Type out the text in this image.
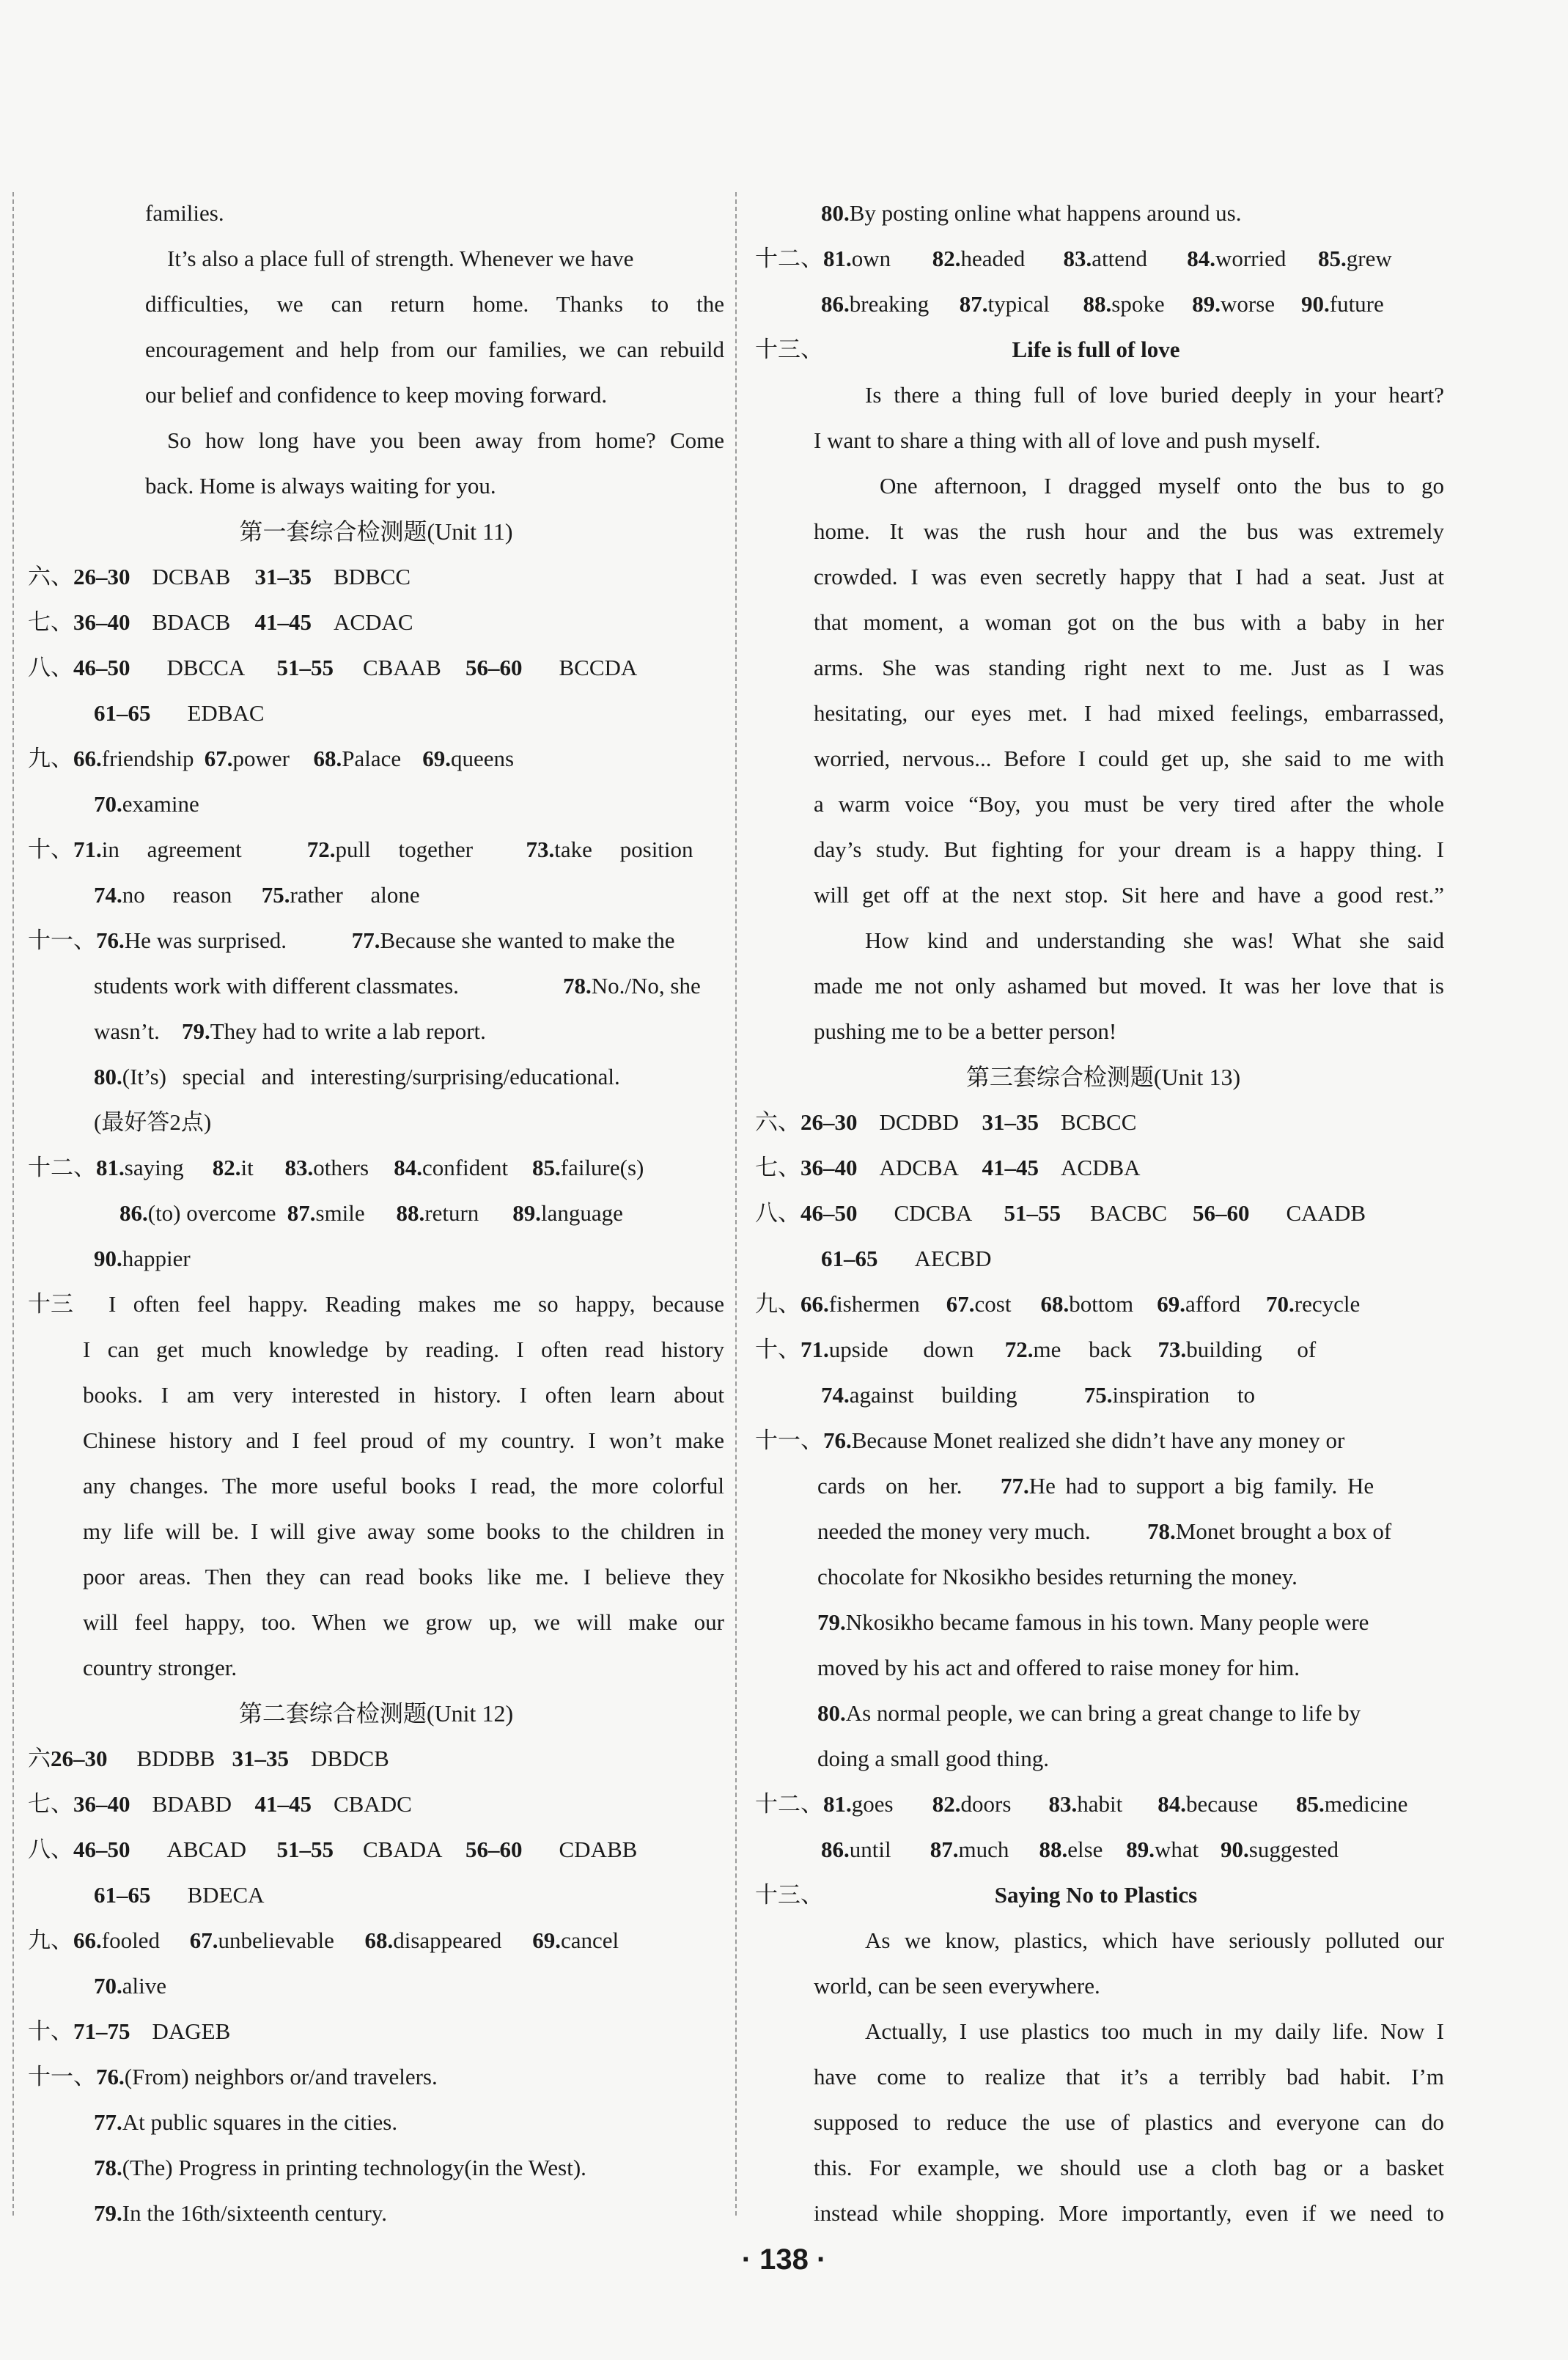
families.
It’s also a place full of strength. Whenever we have
difficulties, we can return home. Thanks to the
encouragement and help from our families, we can rebuild
our belief and confidence to keep moving forward.
So how long have you been away from home? Come
back. Home is always waiting for you.
第一套综合检测题(Unit 11)
六、 26–30 DCBAB	31–35 BDBCC
七、 36–40 BDACB	41–45 ACDAC
八、 46–50 DBCCA	51–55 CBAAB	56–60 BCCDA
61–65 EDBAC
九、 66. friendship 67. power	68. Palace 69. queens
70. examine
十、 71. in agreement	72. pull together	73. take position
74. no reason	75. rather alone
十一、 76. He was surprised.	77. Because she wanted to make the
students work with different classmates.	78. No./No, she
wasn’t. 79. They had to write a lab report.
80. (It’s) special and interesting/surprising/educational.
(最好答2点)
十二、 81. saying	82. it	83. others	84. confident	85. failure(s)
86. (to) overcome 87. smile	88. return	89. language
90. happier
十三	I often feel happy. Reading makes me so happy, because
I can get much knowledge by reading. I often read history
books. I am very interested in history. I often learn about
Chinese history and I feel proud of my country. I won’t make
any changes. The more useful books I read, the more colorful
my life will be. I will give away some books to the children in
poor areas. Then they can read books like me. I believe they
will feel happy, too. When we grow up, we will make our
country stronger.
第二套综合检测题(Unit 12)
六 26–30 BDDBB 31–35 DBDCB
七、 36–40 BDABD	41–45 CBADC
八、 46–50 ABCAD	51–55 CBADA	56–60 CDABB
61–65 BDECA
九、 66. fooled	67. unbelievable	68. disappeared	69. cancel
70. alive
十、 71–75 DAGEB
十一、 76. (From) neighbors or/and travelers.
77. At public squares in the cities.
78. (The) Progress in printing technology(in the West).
79. In the 16th/sixteenth century.
80. By posting online what happens around us.
十二、 81. own	82. headed	83. attend	84. worried	85. grew
86. breaking	87. typical	88. spoke	89. worse	90. future
十三、	Life is full of love
Is there a thing full of love buried deeply in your heart?
I want to share a thing with all of love and push myself.
One afternoon, I dragged myself onto the bus to go
home. It was the rush hour and the bus was extremely
crowded. I was even secretly happy that I had a seat. Just at
that moment, a woman got on the bus with a baby in her
arms. She was standing right next to me. Just as I was
hesitating, our eyes met. I had mixed feelings, embarrassed,
worried, nervous... Before I could get up, she said to me with
a warm voice “Boy, you must be very tired after the whole
day’s study. But fighting for your dream is a happy thing. I
will get off at the next stop. Sit here and have a good rest.”
How kind and understanding she was! What she said
made me not only ashamed but moved. It was her love that is
pushing me to be a better person!
第三套综合检测题(Unit 13)
六、 26–30 DCDBD	31–35 BCBCC
七、 36–40 ADCBA	41–45 ACDBA
八、 46–50 CDCBA	51–55 BACBC	56–60 CAADB
61–65 AECBD
九、 66. fishermen	67. cost	68. bottom	69. afford	70. recycle
十、 71. upside down	72. me back	73. building of
74. against building	75. inspiration to
十一、 76. Because Monet realized she didn’t have any money or
cards on her.	77. He had to support a big family. He
needed the money very much.	78. Monet brought a box of
chocolate for Nkosikho besides returning the money.
79. Nkosikho became famous in his town. Many people were
moved by his act and offered to raise money for him.
80. As normal people, we can bring a great change to life by
doing a small good thing.
十二、 81. goes	82. doors	83. habit	84. because	85. medicine
86. until	87. much	88. else	89. what 90. suggested
十三、	Saying No to Plastics
As we know, plastics, which have seriously polluted our
world, can be seen everywhere.
Actually, I use plastics too much in my daily life. Now I
have come to realize that it’s a terribly bad habit. I’m
supposed to reduce the use of plastics and everyone can do
this. For example, we should use a cloth bag or a basket
instead while shopping. More importantly, even if we need to
· 138 ·
